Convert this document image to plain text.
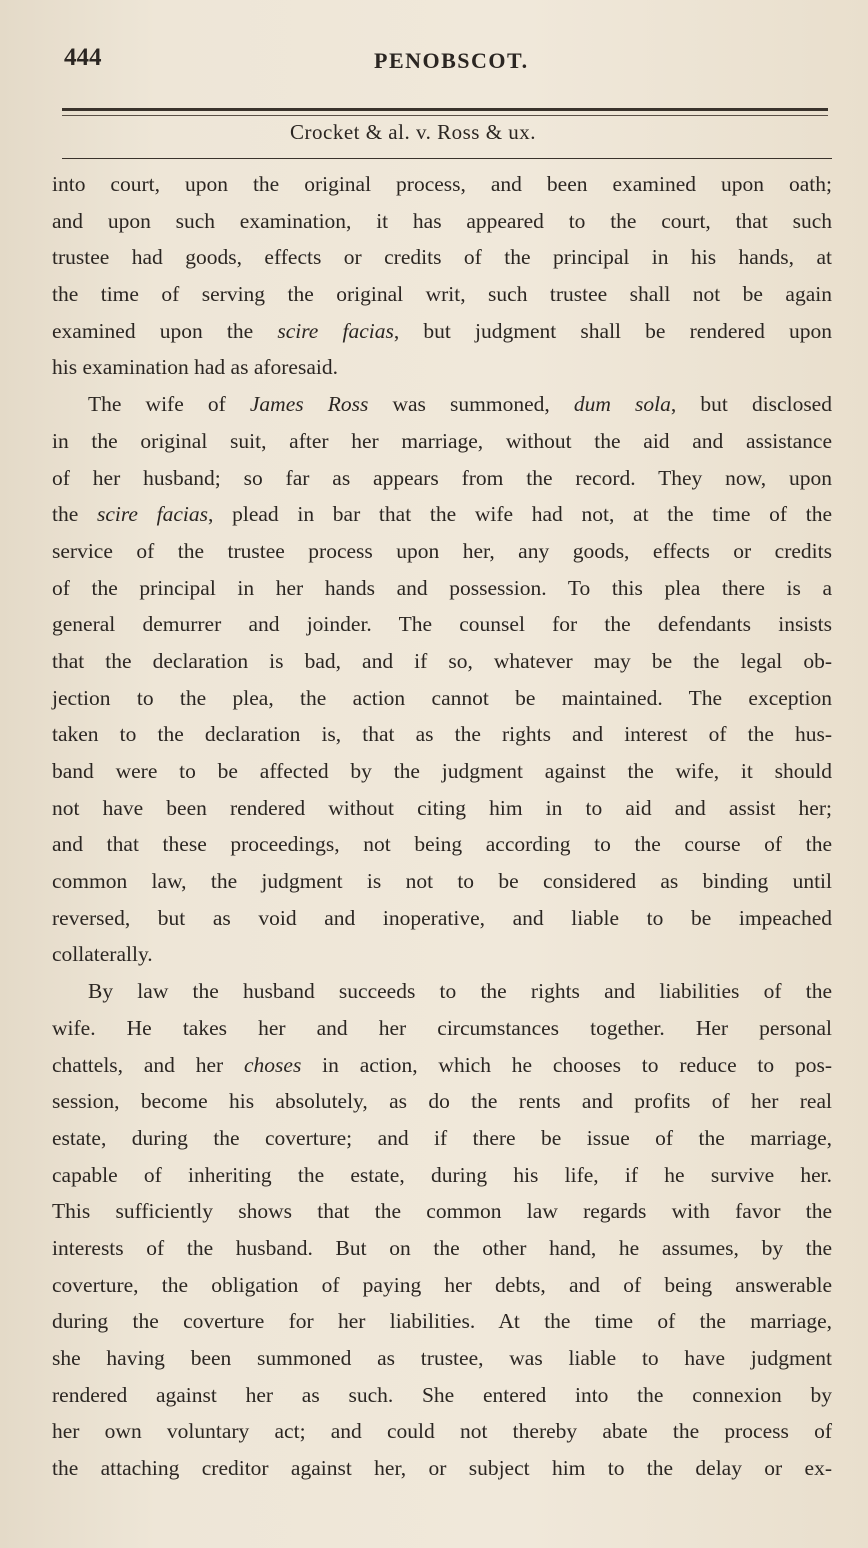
444	PENOBSCOT.
Crocket & al. v. Ross & ux.
into court, upon the original process, and been examined upon oath;
and upon such examination, it has appeared to the court, that such
trustee had goods, effects or credits of the principal in his hands, at
the time of serving the original writ, such trustee shall not be again
examined upon the scire facias, but judgment shall be rendered upon
his examination had as aforesaid.
The wife of James Ross was summoned, dum sola, but disclosed
in the original suit, after her marriage, without the aid and assistance
of her husband; so far as appears from the record. They now, upon
the scire facias, plead in bar that the wife had not, at the time of the
service of the trustee process upon her, any goods, effects or credits
of the principal in her hands and possession. To this plea there is a
general demurrer and joinder. The counsel for the defendants insists
that the declaration is bad, and if so, whatever may be the legal ob-
jection to the plea, the action cannot be maintained. The exception
taken to the declaration is, that as the rights and interest of the hus-
band were to be affected by the judgment against the wife, it should
not have been rendered without citing him in to aid and assist her;
and that these proceedings, not being according to the course of the
common law, the judgment is not to be considered as binding until
reversed, but as void and inoperative, and liable to be impeached
collaterally.
By law the husband succeeds to the rights and liabilities of the
wife. He takes her and her circumstances together. Her personal
chattels, and her choses in action, which he chooses to reduce to pos-
session, become his absolutely, as do the rents and profits of her real
estate, during the coverture; and if there be issue of the marriage,
capable of inheriting the estate, during his life, if he survive her.
This sufficiently shows that the common law regards with favor the
interests of the husband. But on the other hand, he assumes, by the
coverture, the obligation of paying her debts, and of being answerable
during the coverture for her liabilities. At the time of the marriage,
she having been summoned as trustee, was liable to have judgment
rendered against her as such. She entered into the connexion by
her own voluntary act; and could not thereby abate the process of
the attaching creditor against her, or subject him to the delay or ex-
